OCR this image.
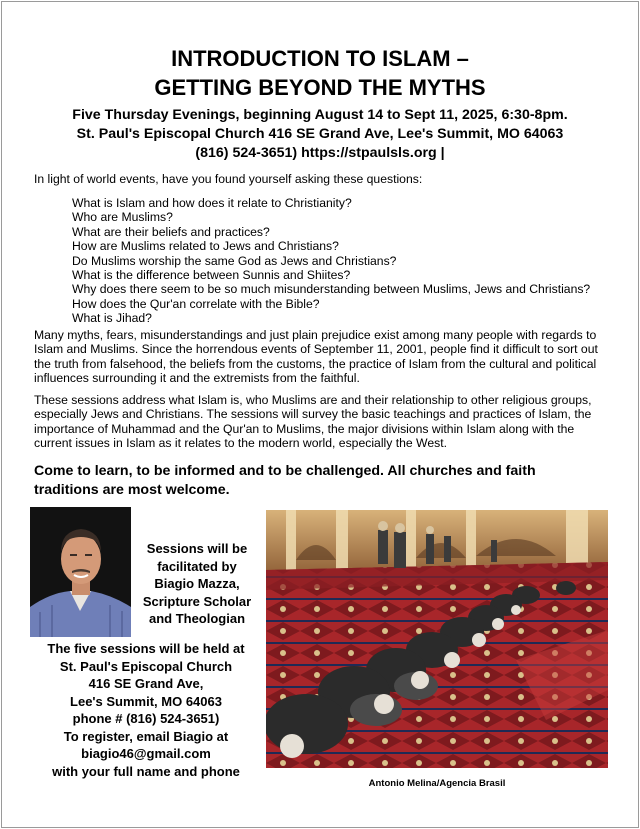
INTRODUCTION TO ISLAM –
GETTING BEYOND THE MYTHS
Five Thursday Evenings, beginning August 14 to Sept 11, 2025, 6:30-8pm.
St. Paul's Episcopal Church 416 SE Grand Ave, Lee's Summit, MO 64063
(816) 524-3651) https://stpaulsls.org |
In light of world events, have you found yourself asking these questions:
What is Islam and how does it relate to Christianity?
Who are Muslims?
What are their beliefs and practices?
How are Muslims related to Jews and Christians?
Do Muslims worship the same God as Jews and Christians?
What is the difference between Sunnis and Shiites?
Why does there seem to be so much misunderstanding between Muslims, Jews and Christians?
How does the Qur'an correlate with the Bible?
What is Jihad?
Many myths, fears, misunderstandings and just plain prejudice exist among many people with regards to Islam and Muslims. Since the horrendous events of September 11, 2001, people find it difficult to sort out the truth from falsehood, the beliefs from the customs, the practice of Islam from the cultural and political influences surrounding it and the extremists from the faithful.
These sessions address what Islam is, who Muslims are and their relationship to other religious groups, especially Jews and Christians. The sessions will survey the basic teachings and practices of Islam, the importance of Muhammad and the Qur'an to Muslims, the major divisions within Islam along with the current issues in Islam as it relates to the modern world, especially the West.
Come to learn, to be informed and to be challenged. All churches and faith traditions are most welcome.
Sessions will be
facilitated by
Biagio Mazza,
Scripture Scholar
and Theologian
The five sessions will be held at
St. Paul's Episcopal Church
416 SE Grand Ave,
Lee's Summit, MO 64063
phone # (816) 524-3651)
To register, email Biagio at
biagio46@gmail.com
with your full name and phone
Antonio Melina/Agencia Brasil
